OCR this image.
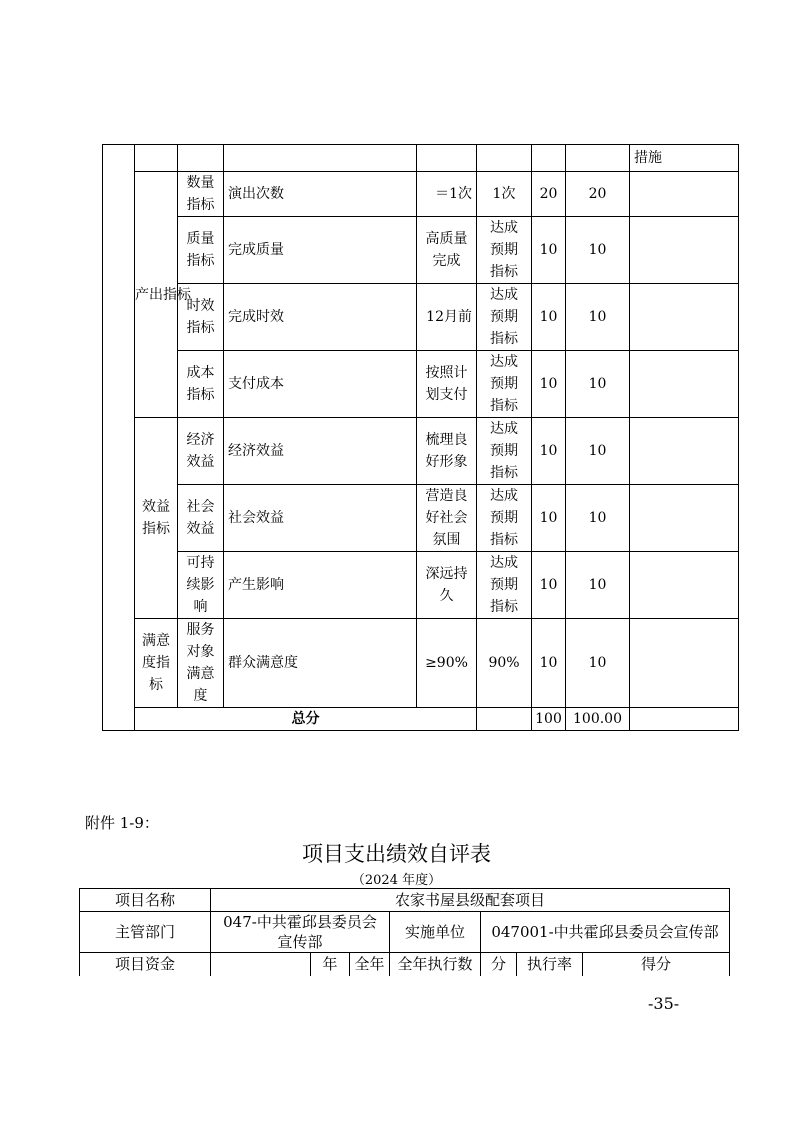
								措施
	产出指标	数量指标	演出次数	＝1次	1次	20	20	

		质量指标	完成质量	高质量完成	达成预期指标	10	10	

		时效指标	完成时效	12月前	达成预期指标	10	10	

		成本指标	支付成本	按照计划支付	达成预期指标	10	10	

	效益指标	经济效益	经济效益	梳理良好形象	达成预期指标	10	10	

		社会效益	社会效益	营造良好社会氛围	达成预期指标	10	10	

		可持续影响	产生影响	深远持久	达成预期指标	10	10	

	满意度指标	服务对象满意度	群众满意度	≥90%	90%	10	10	
	总分					100	100.00	
附件 1-9：
项目支出绩效自评表
（2024 年度）
项目名称	农家书屋县级配套项目						
主管部门	047-中共霍邱县委员会宣传部			实施单位	047001-中共霍邱县委员会宣传部		
项目资金		年	全年	全年执行数	分	执行率	得分
-35-
